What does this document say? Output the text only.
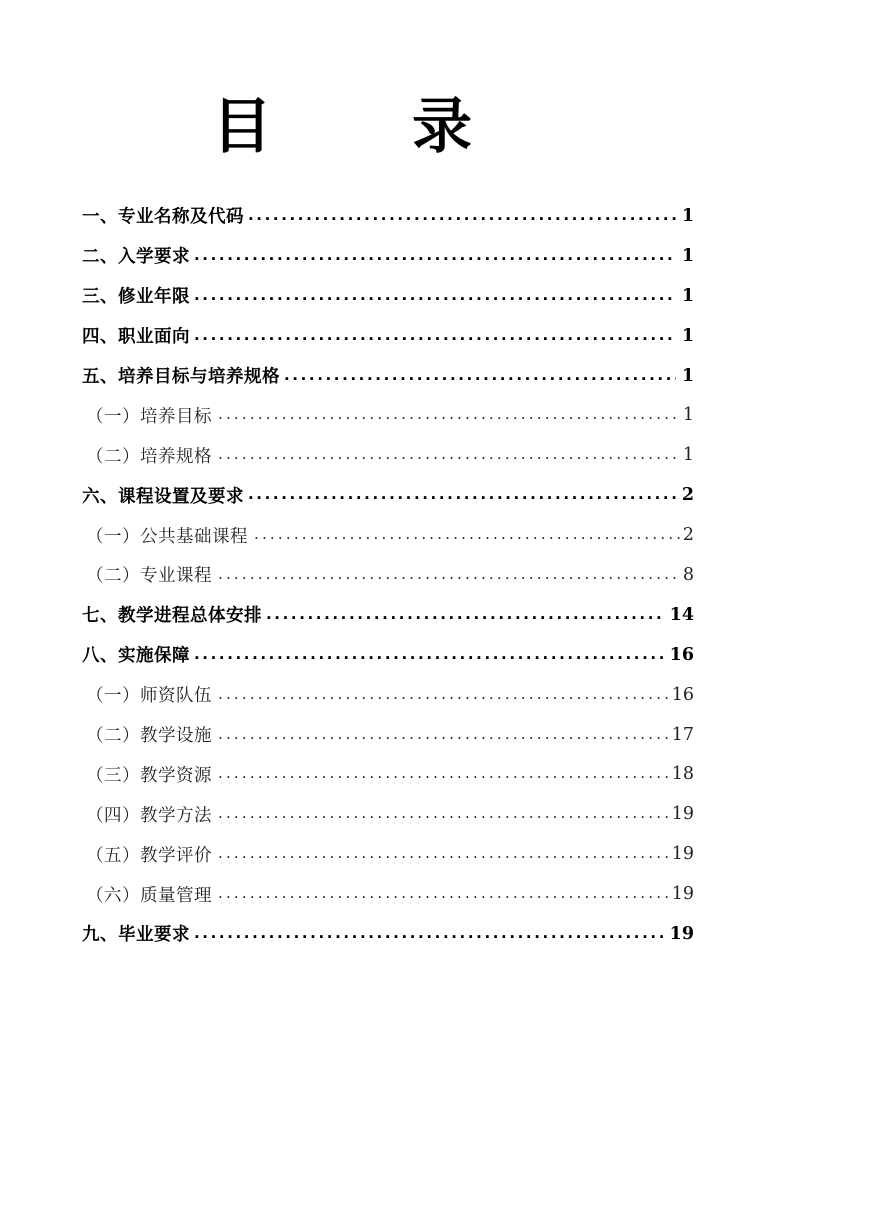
目 录
一、专业名称及代码 .....	1
二、入学要求 .....	1
三、修业年限 .....	1
四、职业面向 .....	1
五、培养目标与培养规格 .....	1
（一）培养目标 .....	1
（二）培养规格 .....	1
六、课程设置及要求 .....	2
（一）公共基础课程 .....	2
（二）专业课程 .....	8
七、教学进程总体安排 .....	14
八、实施保障 .....	16
（一）师资队伍 .....	16
（二）教学设施 .....	17
（三）教学资源 .....	18
（四）教学方法 .....	19
（五）教学评价 .....	19
（六）质量管理 .....	19
九、毕业要求 .....	19
